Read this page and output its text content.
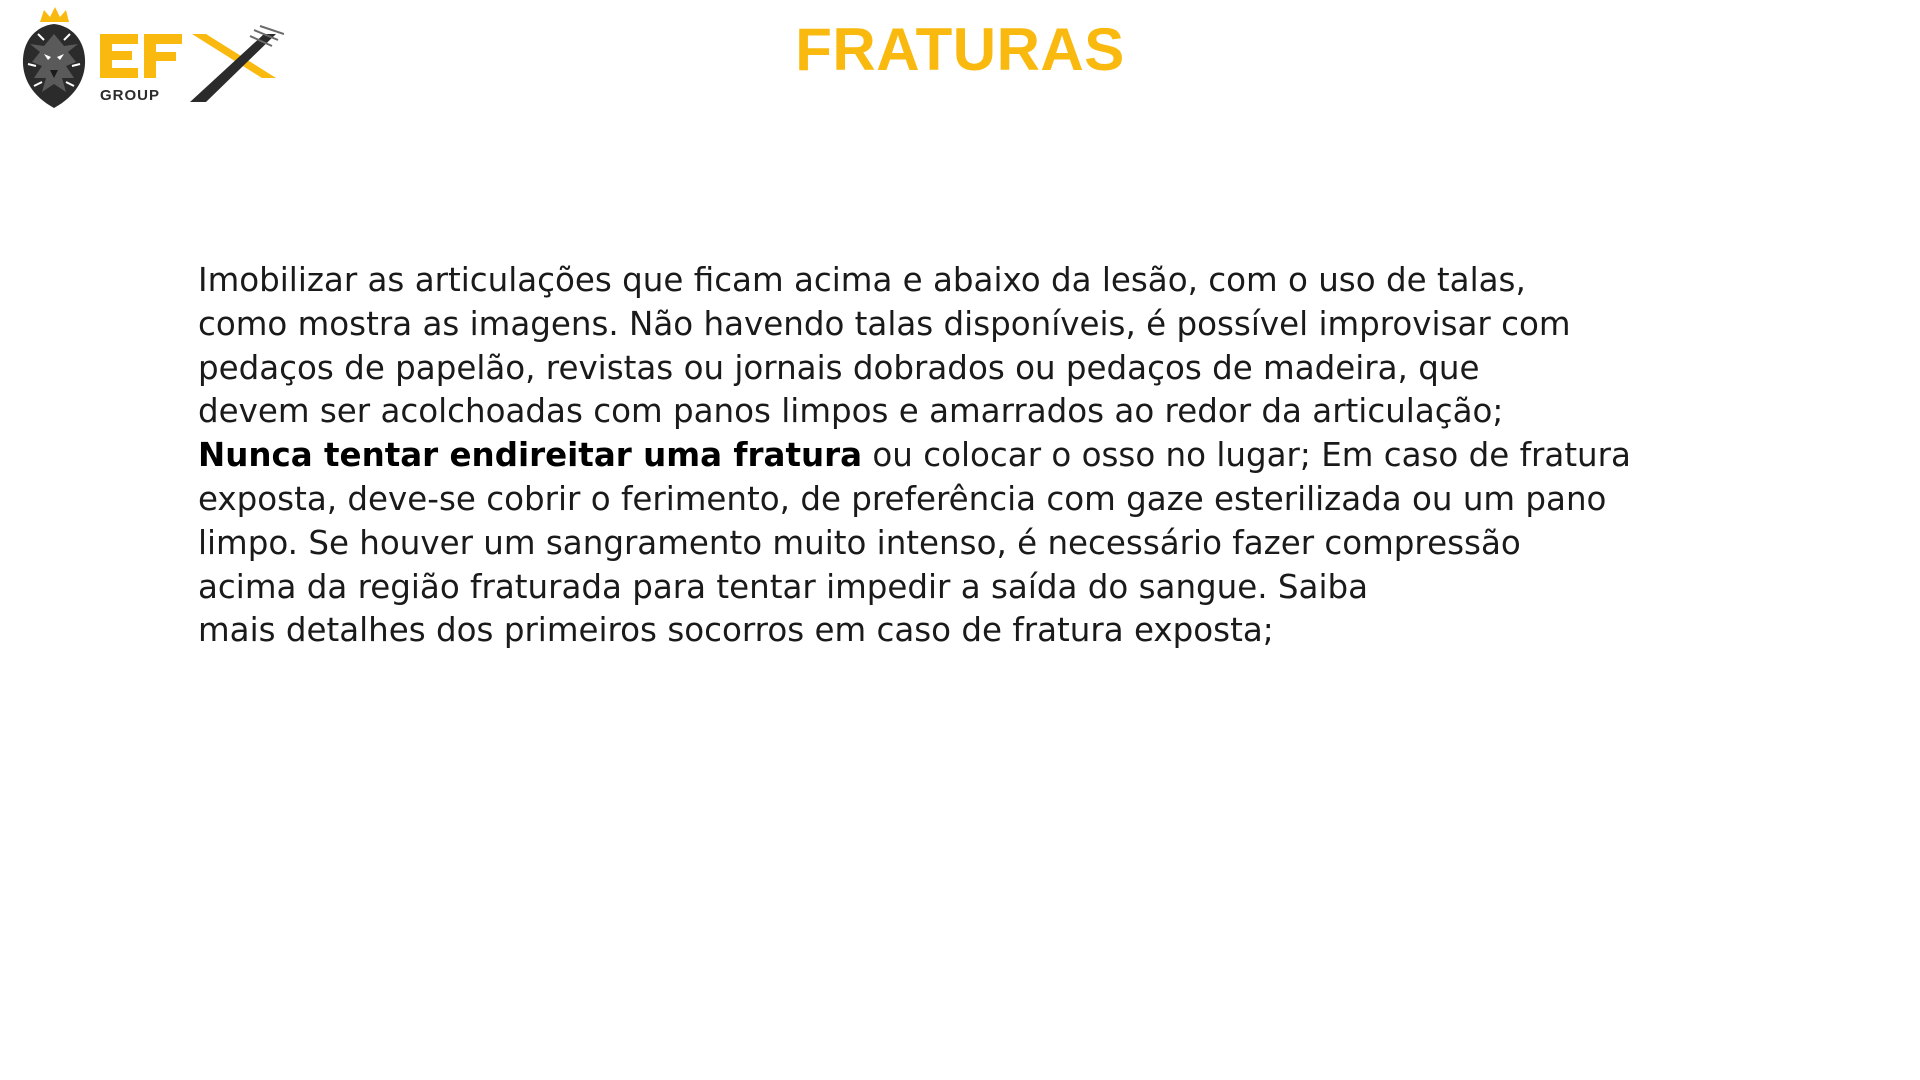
GROUP
FRATURAS
Imobilizar as articulações que ficam acima e abaixo da lesão, com o uso de talas,
como mostra as imagens. Não havendo talas disponíveis, é possível improvisar com
pedaços de papelão, revistas ou jornais dobrados ou pedaços de madeira, que
devem ser acolchoadas com panos limpos e amarrados ao redor da articulação;
Nunca tentar endireitar uma fratura ou colocar o osso no lugar; Em caso de fratura
exposta, deve-se cobrir o ferimento, de preferência com gaze esterilizada ou um pano
limpo. Se houver um sangramento muito intenso, é necessário fazer compressão
acima da região fraturada para tentar impedir a saída do sangue. Saiba
mais detalhes dos primeiros socorros em caso de fratura exposta;
